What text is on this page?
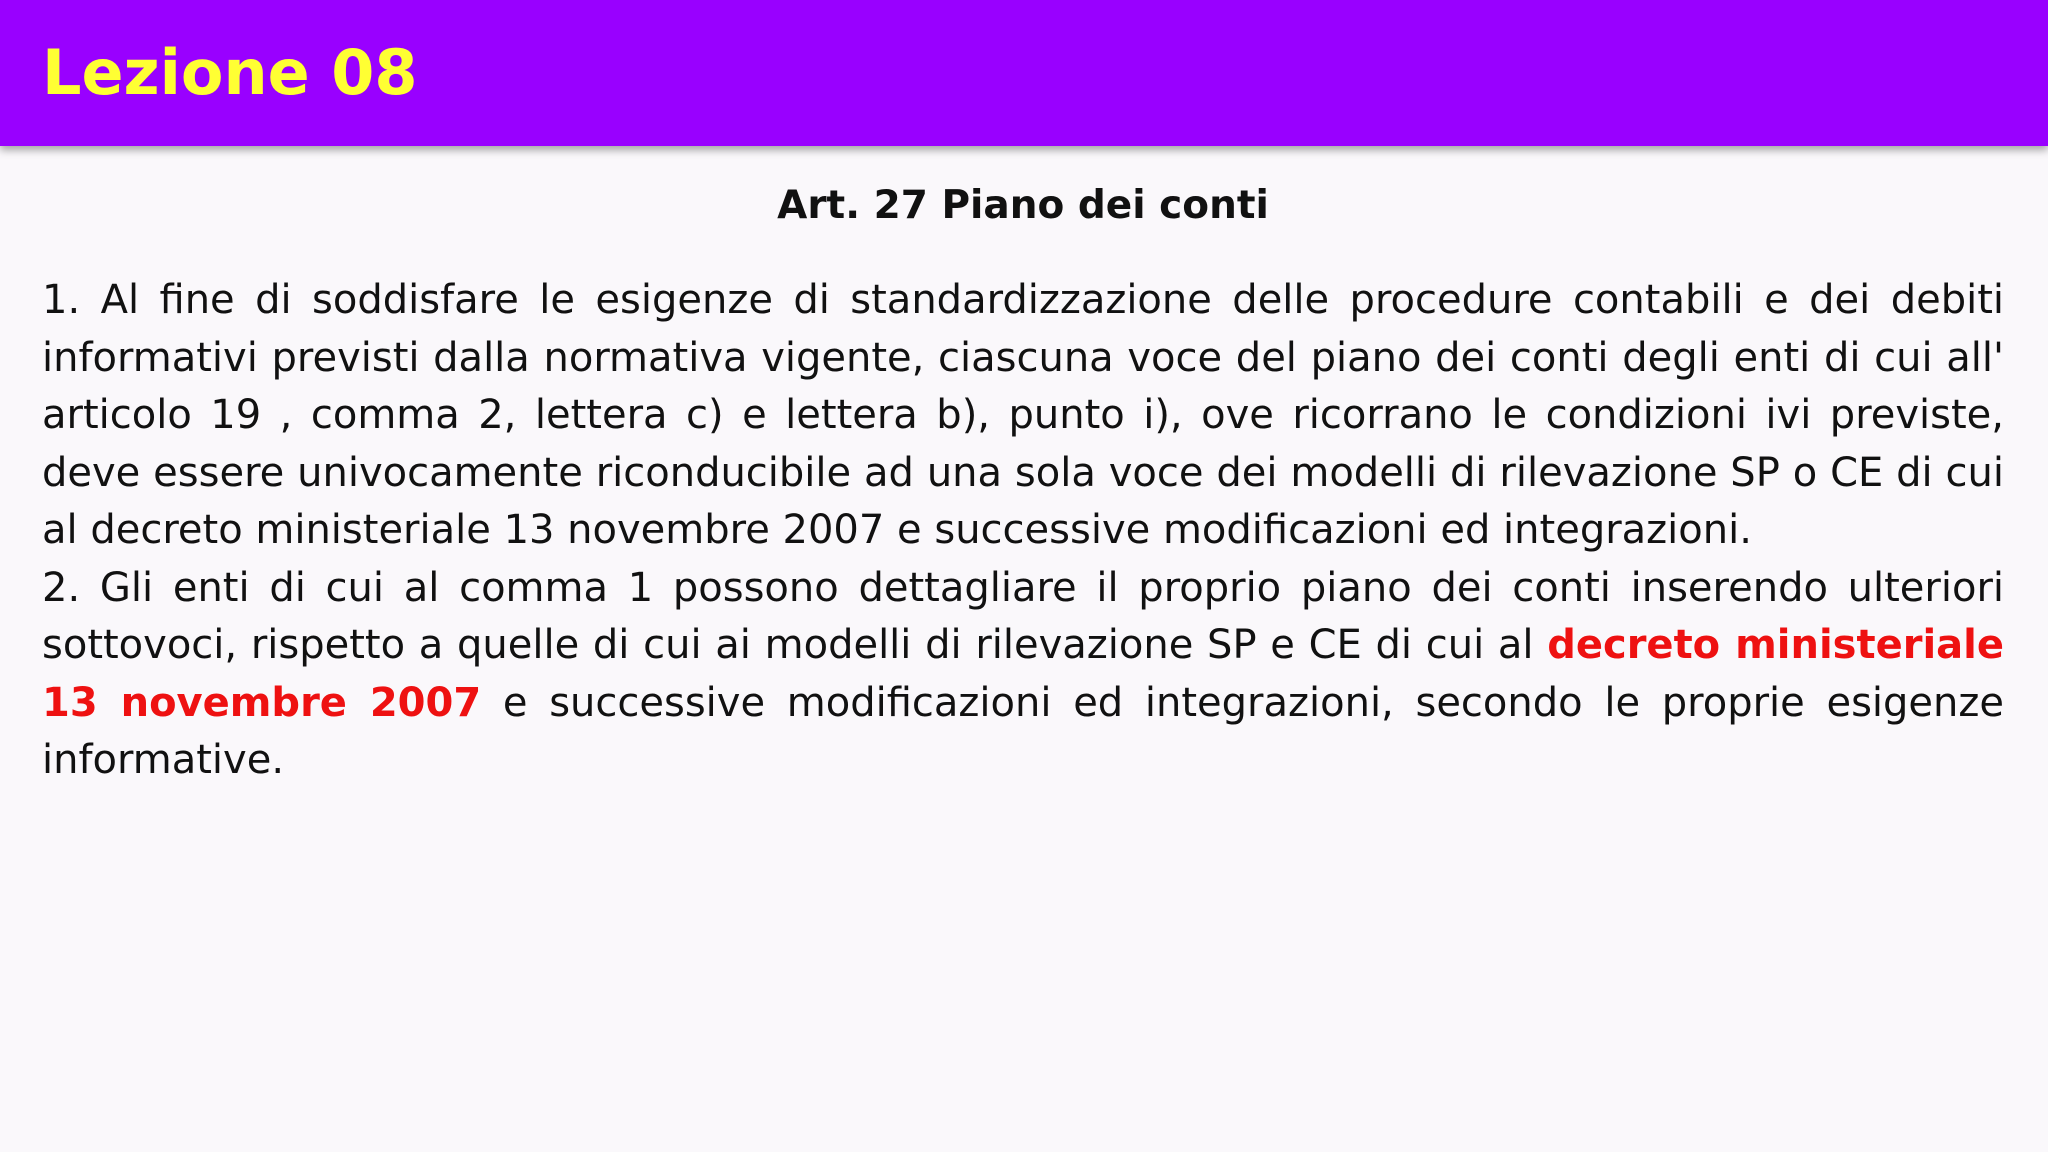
Lezione 08
Art. 27 Piano dei conti

1. Al fine di soddisfare le esigenze di standardizzazione delle procedure contabili e dei debiti informativi previsti dalla normativa vigente, ciascuna voce del piano dei conti degli enti di cui all' articolo 19 , comma 2, lettera c) e lettera b), punto i), ove ricorrano le condizioni ivi previste, deve essere univocamente riconducibile ad una sola voce dei modelli di rilevazione SP o CE di cui al decreto ministeriale 13 novembre 2007 e successive modificazioni ed integrazioni.

2. Gli enti di cui al comma 1 possono dettagliare il proprio piano dei conti inserendo ulteriori sottovoci, rispetto a quelle di cui ai modelli di rilevazione SP e CE di cui al decreto ministeriale 13 novembre 2007 e successive modificazioni ed integrazioni, secondo le proprie esigenze informative.
